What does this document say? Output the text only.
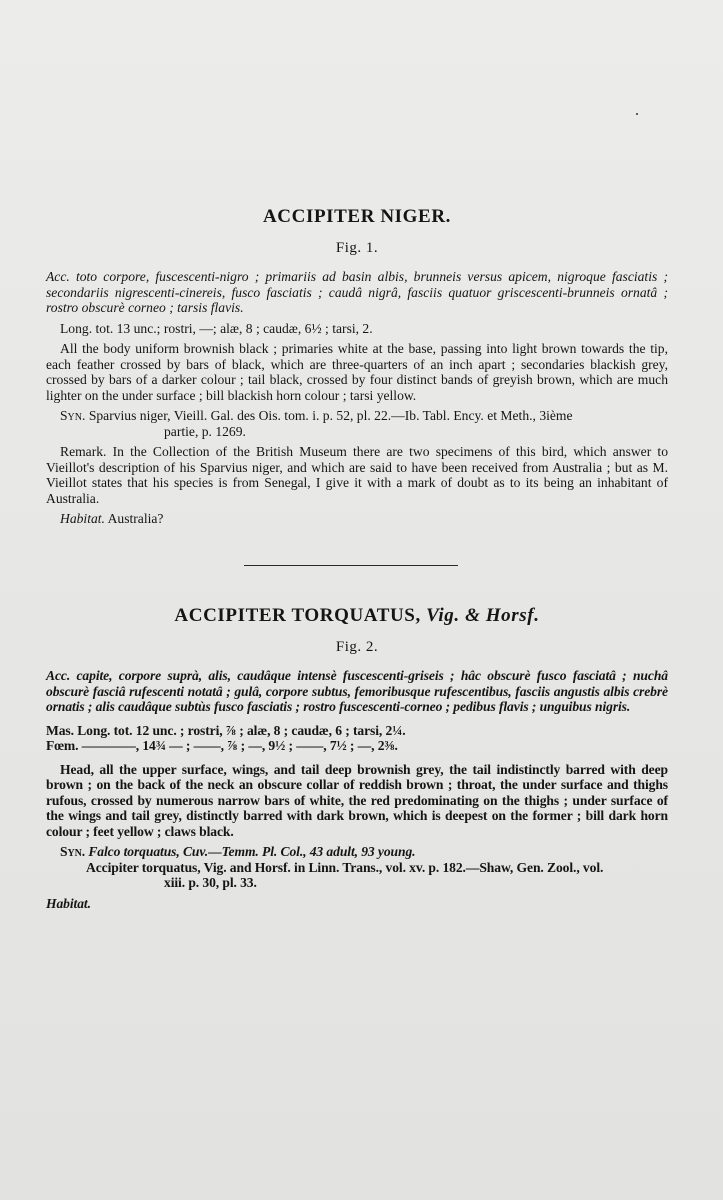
ACCIPITER NIGER.
Fig. 1.

Acc. toto corpore, fuscescenti-nigro ; primariis ad basin albis, brunneis versus apicem, nigroque fasciatis ; secondariis nigrescenti-cinereis, fusco fasciatis ; caudâ nigrâ, fasciis quatuor griscescenti-brunneis ornatâ ; rostro obscurè corneo ; tarsis flavis.

Long. tot. 13 unc.; rostri, —; alæ, 8 ; caudæ, 6½ ; tarsi, 2.

All the body uniform brownish black ; primaries white at the base, passing into light brown towards the tip, each feather crossed by bars of black, which are three-quarters of an inch apart ; secondaries blackish grey, crossed by bars of a darker colour ; tail black, crossed by four distinct bands of greyish brown, which are much lighter on the under surface ; bill blackish horn colour ; tarsi yellow.

Syn. Sparvius niger, Vieill. Gal. des Ois. tom. i. p. 52, pl. 22.—Ib. Tabl. Ency. et Meth., 3ième

partie, p. 1269.

Remark. In the Collection of the British Museum there are two specimens of this bird, which answer to Vieillot's description of his Sparvius niger, and which are said to have been received from Australia ; but as M. Vieillot states that his species is from Senegal, I give it with a mark of doubt as to its being an inhabitant of Australia.

Habitat. Australia?

ACCIPITER TORQUATUS, Vig. & Horsf.
Fig. 2.

Acc. capite, corpore suprà, alis, caudâque intensè fuscescenti-griseis ; hâc obscurè fusco fasciatâ ; nuchâ obscurè fasciâ rufescenti notatâ ; gulâ, corpore subtus, femoribusque rufescentibus, fasciis angustis albis crebrè ornatis ; alis caudâque subtùs fusco fasciatis ; rostro fuscescenti-corneo ; pedibus flavis ; unguibus nigris.

Mas. Long. tot. 12 unc. ; rostri, ⅞ ; alæ, 8 ; caudæ, 6 ; tarsi, 2¼.

Fœm. ————, 14¾ — ; ——, ⅞ ; —, 9½ ; ——, 7½ ; —, 2⅜.

Head, all the upper surface, wings, and tail deep brownish grey, the tail indistinctly barred with deep brown ; on the back of the neck an obscure collar of reddish brown ; throat, the under surface and thighs rufous, crossed by numerous narrow bars of white, the red predominating on the thighs ; under surface of the wings and tail grey, distinctly barred with dark brown, which is deepest on the former ; bill dark horn colour ; feet yellow ; claws black.

Syn. Falco torquatus, Cuv.—Temm. Pl. Col., 43 adult, 93 young.

Accipiter torquatus, Vig. and Horsf. in Linn. Trans., vol. xv. p. 182.—Shaw, Gen. Zool., vol.

xiii. p. 30, pl. 33.

Habitat.
